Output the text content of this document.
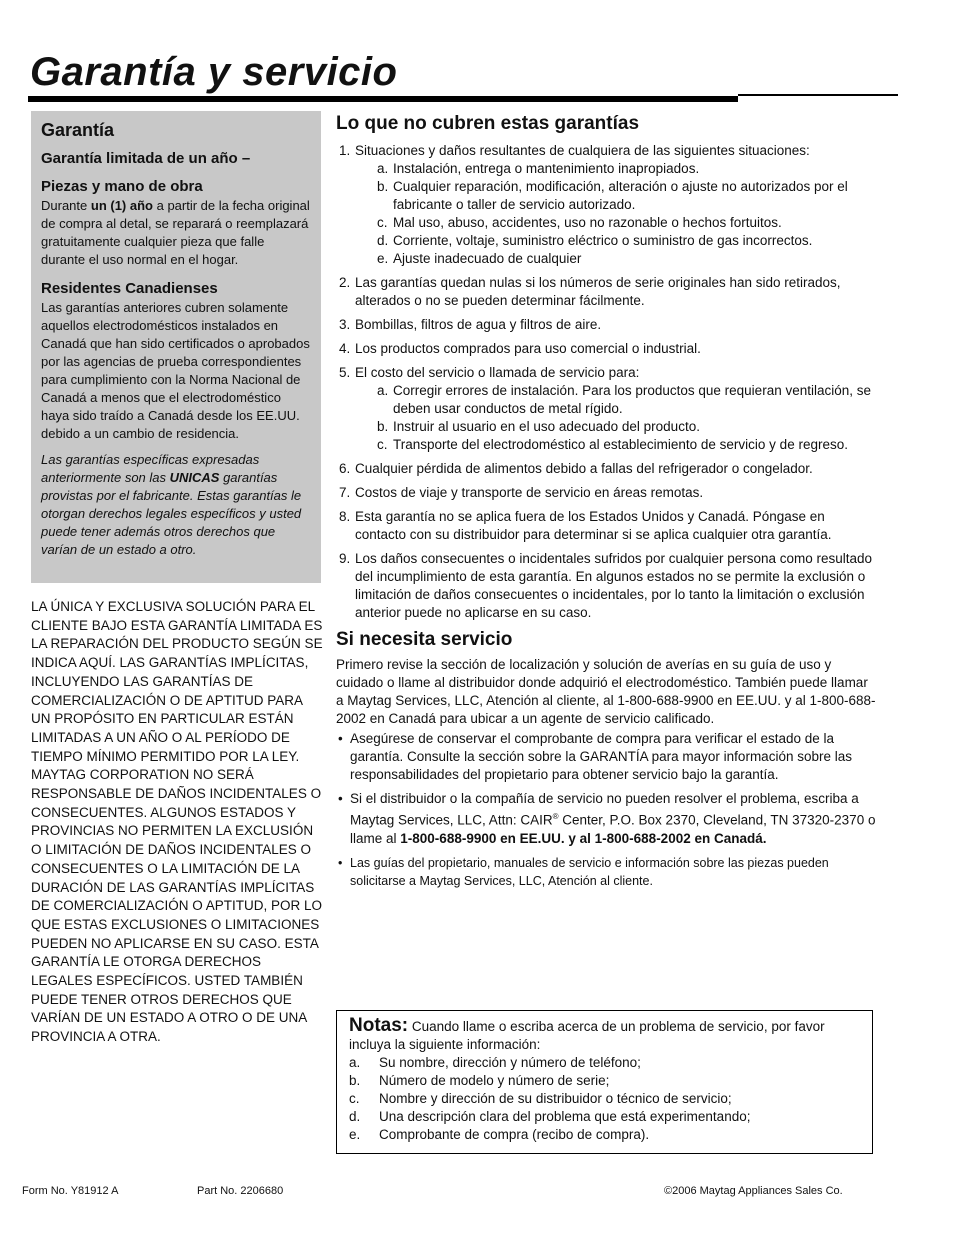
Garantía y servicio
Garantía
Garantía limitada de un año –
Piezas y mano de obra

Durante un (1) año a partir de la fecha original de compra al detal, se reparará o reemplazará gratuitamente cualquier pieza que falle durante el uso normal en el hogar.

Residentes Canadienses

Las garantías anteriores cubren solamente aquellos electrodomésticos instalados en Canadá que han sido certificados o aprobados por las agencias de prueba correspondientes para cumplimiento con la Norma Nacional de Canadá a menos que el electrodoméstico haya sido traído a Canadá desde los EE.UU. debido a un cambio de residencia.

Las garantías específicas expresadas anteriormente son las UNICAS garantías provistas por el fabricante. Estas garantías le otorgan derechos legales específicos y usted puede tener además otros derechos que varían de un estado a otro.

LA ÚNICA Y EXCLUSIVA SOLUCIÓN PARA EL CLIENTE BAJO ESTA GARANTÍA LIMITADA ES LA REPARACIÓN DEL PRODUCTO SEGÚN SE INDICA AQUÍ. LAS GARANTÍAS IMPLÍCITAS, INCLUYENDO LAS GARANTÍAS DE COMERCIALIZACIÓN O DE APTITUD PARA UN PROPÓSITO EN PARTICULAR ESTÁN LIMITADAS A UN AÑO O AL PERÍODO DE TIEMPO MÍNIMO PERMITIDO POR LA LEY. MAYTAG CORPORATION NO SERÁ RESPONSABLE DE DAÑOS INCIDENTALES O CONSECUENTES. ALGUNOS ESTADOS Y PROVINCIAS NO PERMITEN LA EXCLUSIÓN O LIMITACIÓN DE DAÑOS INCIDENTALES O CONSECUENTES O LA LIMITACIÓN DE LA DURACIÓN DE LAS GARANTÍAS IMPLÍCITAS DE COMERCIALIZACIÓN O APTITUD, POR LO QUE ESTAS EXCLUSIONES O LIMITACIONES PUEDEN NO APLICARSE EN SU CASO. ESTA GARANTÍA LE OTORGA DERECHOS LEGALES ESPECÍFICOS. USTED TAMBIÉN PUEDE TENER OTROS DERECHOS QUE VARÍAN DE UN ESTADO A OTRO O DE UNA PROVINCIA A OTRA.

Lo que no cubren estas garantías
1. Situaciones y daños resultantes de cualquiera de las siguientes situaciones:
a. Instalación, entrega o mantenimiento inapropiados.
b. Cualquier reparación, modificación, alteración o ajuste no autorizados por el fabricante o taller de servicio autorizado.
c. Mal uso, abuso, accidentes, uso no razonable o hechos fortuitos.
d. Corriente, voltaje, suministro eléctrico o suministro de gas incorrectos.
e. Ajuste inadecuado de cualquier
2. Las garantías quedan nulas si los números de serie originales han sido retirados, alterados o no se pueden determinar fácilmente.
3. Bombillas, filtros de agua y filtros de aire.
4. Los productos comprados para uso comercial o industrial.
5. El costo del servicio o llamada de servicio para:
a. Corregir errores de instalación. Para los productos que requieran ventilación, se deben usar conductos de metal rígido.
b. Instruir al usuario en el uso adecuado del producto.
c. Transporte del electrodoméstico al establecimiento de servicio y de regreso.
6. Cualquier pérdida de alimentos debido a fallas del refrigerador o congelador.
7. Costos de viaje y transporte de servicio en áreas remotas.
8. Esta garantía no se aplica fuera de los Estados Unidos y Canadá. Póngase en contacto con su distribuidor para determinar si se aplica cualquier otra garantía.
9. Los daños consecuentes o incidentales sufridos por cualquier persona como resultado del incumplimiento de esta garantía. En algunos estados no se permite la exclusión o limitación de daños consecuentes o incidentales, por lo tanto la limitación o exclusión anterior puede no aplicarse en su caso.
Si necesita servicio

Primero revise la sección de localización y solución de averías en su guía de uso y cuidado o llame al distribuidor donde adquirió el electrodoméstico. También puede llamar a Maytag Services, LLC, Atención al cliente, al 1-800-688-9900 en EE.UU. y al 1-800-688-2002 en Canadá para ubicar a un agente de servicio calificado.

• Asegúrese de conservar el comprobante de compra para verificar el estado de la garantía. Consulte la sección sobre la GARANTÍA para mayor información sobre las responsabilidades del propietario para obtener servicio bajo la garantía.
• Si el distribuidor o la compañía de servicio no pueden resolver el problema, escriba a Maytag Services, LLC, Attn: CAIR® Center, P.O. Box 2370, Cleveland, TN 37320-2370 o llame al 1-800-688-9900 en EE.UU. y al 1-800-688-2002 en Canadá.
• Las guías del propietario, manuales de servicio e información sobre las piezas pueden solicitarse a Maytag Services, LLC, Atención al cliente.
Notas: Cuando llame o escriba acerca de un problema de servicio, por favor incluya la siguiente información:
a. Su nombre, dirección y número de teléfono;
b. Número de modelo y número de serie;
c. Nombre y dirección de su distribuidor o técnico de servicio;
d. Una descripción clara del problema que está experimentando;
e. Comprobante de compra (recibo de compra).
Form No. Y81912 A	Part No. 2206680	©2006 Maytag Appliances Sales Co.
